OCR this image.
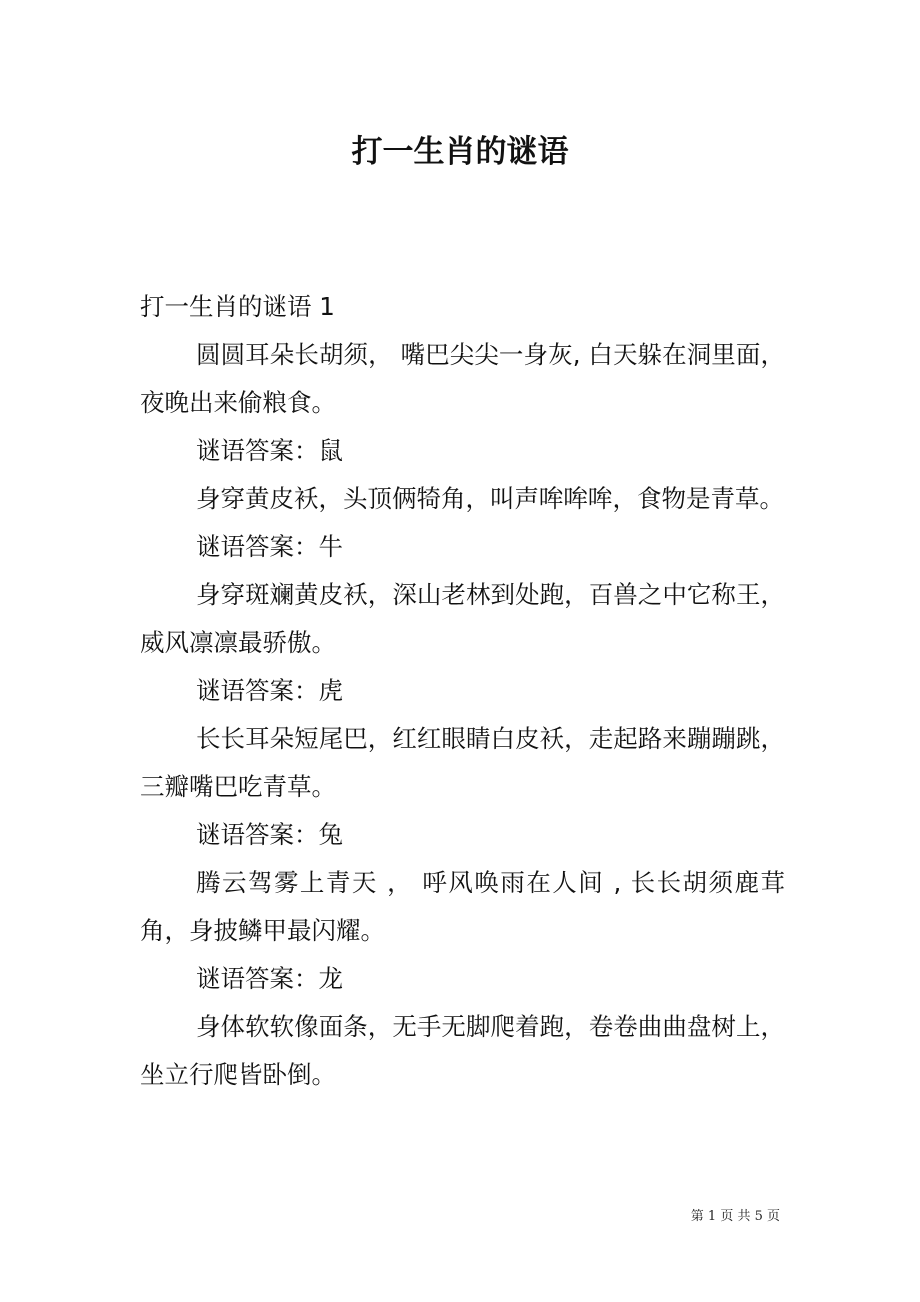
打一生肖的谜语

打一生肖的谜语 1

圆圆耳朵长胡须， 嘴巴尖尖一身灰, 白天躲在洞里面，夜晚出来偷粮食。

谜语答案：鼠

身穿黄皮袄，头顶俩犄角，叫声哞哞哞，食物是青草。

谜语答案：牛

身穿斑斓黄皮袄，深山老林到处跑，百兽之中它称王，威风凛凛最骄傲。

谜语答案：虎

长长耳朵短尾巴，红红眼睛白皮袄，走起路来蹦蹦跳，三瓣嘴巴吃青草。

谜语答案：兔

腾云驾雾上青天 ， 呼风唤雨在人间 , 长长胡须鹿茸角，身披鳞甲最闪耀。

谜语答案：龙

身体软软像面条，无手无脚爬着跑，卷卷曲曲盘树上， 坐立行爬皆卧倒。

第 1 页 共 5 页
